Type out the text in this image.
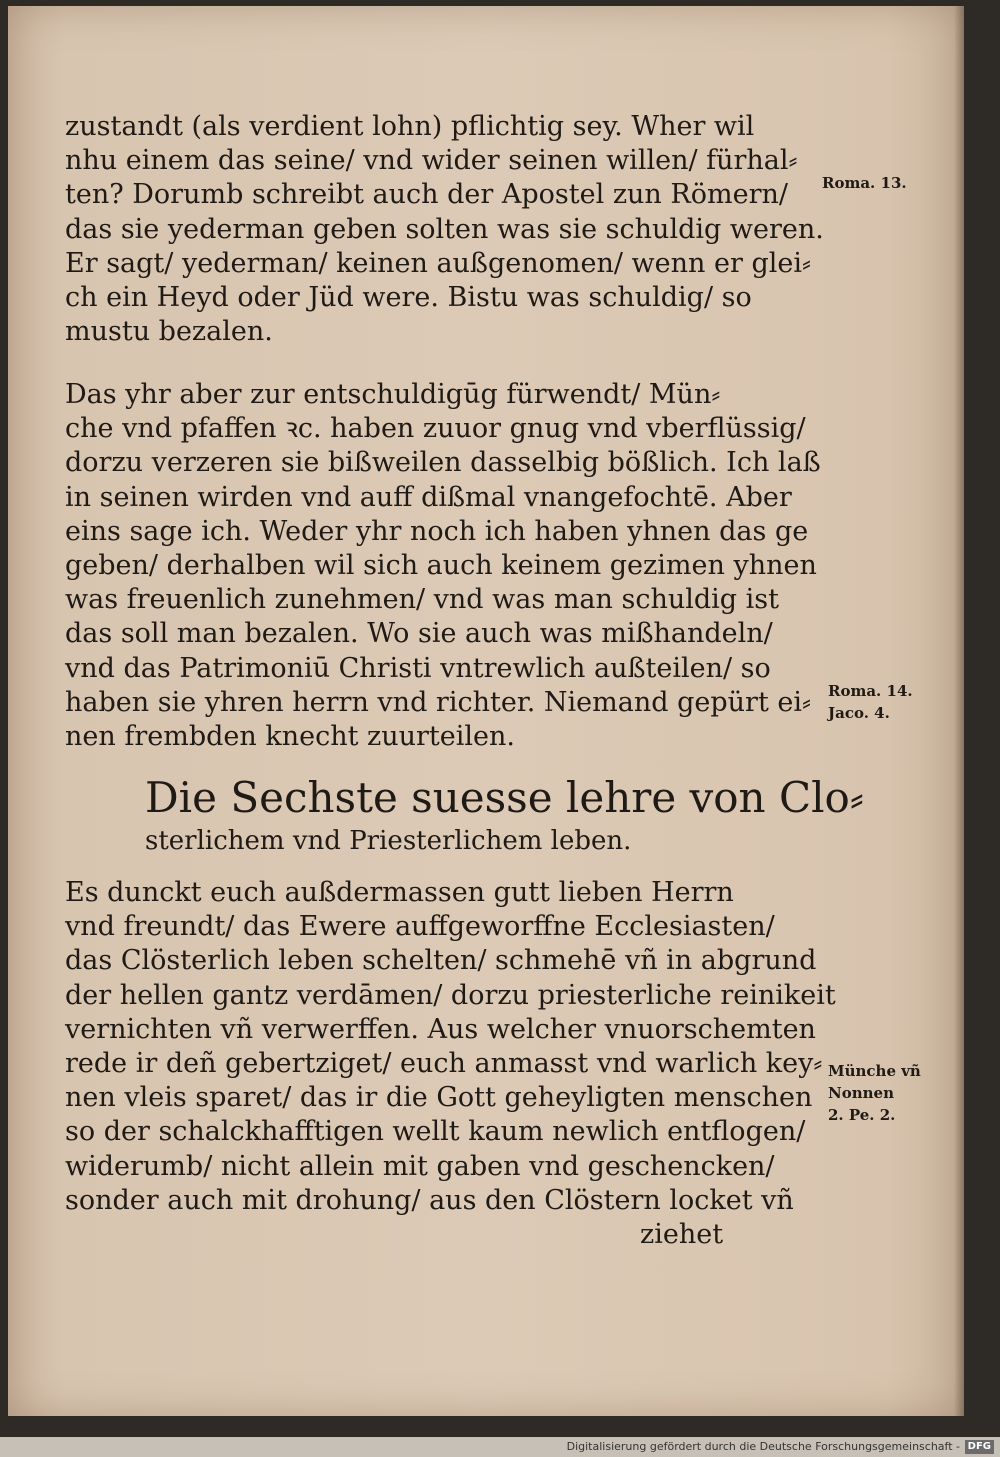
zustandt (als verdient lohn) pflichtig sey. Wher wil
nhu einem das seine/ vnd wider seinen willen/ fürhal⸗
ten? Dorumb schreibt auch der Apostel zun Römern/
das sie yederman geben solten was sie schuldig weren.
Er sagt/ yederman/ keinen außgenomen/ wenn er glei⸗
ch ein Heyd oder Jüd were. Bistu was schuldig/ so
mustu bezalen.

Das yhr aber zur entschuldigūg fürwendt/ Mün⸗
che vnd pfaffen ꝛc. haben zuuor gnug vnd vberflüssig/
dorzu verzeren sie bißweilen dasselbig bößlich. Ich laß
in seinen wirden vnd auff dißmal vnangefochtē. Aber
eins sage ich. Weder yhr noch ich haben yhnen das ge
geben/ derhalben wil sich auch keinem gezimen yhnen
was freuenlich zunehmen/ vnd was man schuldig ist
das soll man bezalen. Wo sie auch was mißhandeln/
vnd das Patrimoniū Christi vntrewlich außteilen/ so
haben sie yhren herrn vnd richter. Niemand gepürt ei⸗
nen frembden knecht zuurteilen.

Die Sechste suesse lehre von Clo⸗

sterlichem vnd Priesterlichem leben.

Es dunckt euch außdermassen gutt lieben Herrn
vnd freundt/ das Ewere auffgeworffne Ecclesiasten/
das Clösterlich leben schelten/ schmehē vñ in abgrund
der hellen gantz verdāmen/ dorzu priesterliche reinikeit
vernichten vñ verwerffen. Aus welcher vnuorschemten
rede ir deñ gebertziget/ euch anmasst vnd warlich key⸗
nen vleis sparet/ das ir die Gott geheyligten menschen
so der schalckhafftigen wellt kaum newlich entflogen/
widerumb/ nicht allein mit gaben vnd geschencken/
sonder auch mit drohung/ aus den Clöstern locket vñ
ziehet

Roma. 13.

Roma. 14.
Jaco. 4.

Münche vñ
Nonnen
2. Pe. 2.

Digitalisierung gefördert durch die Deutsche Forschungsgemeinschaft - DFG
